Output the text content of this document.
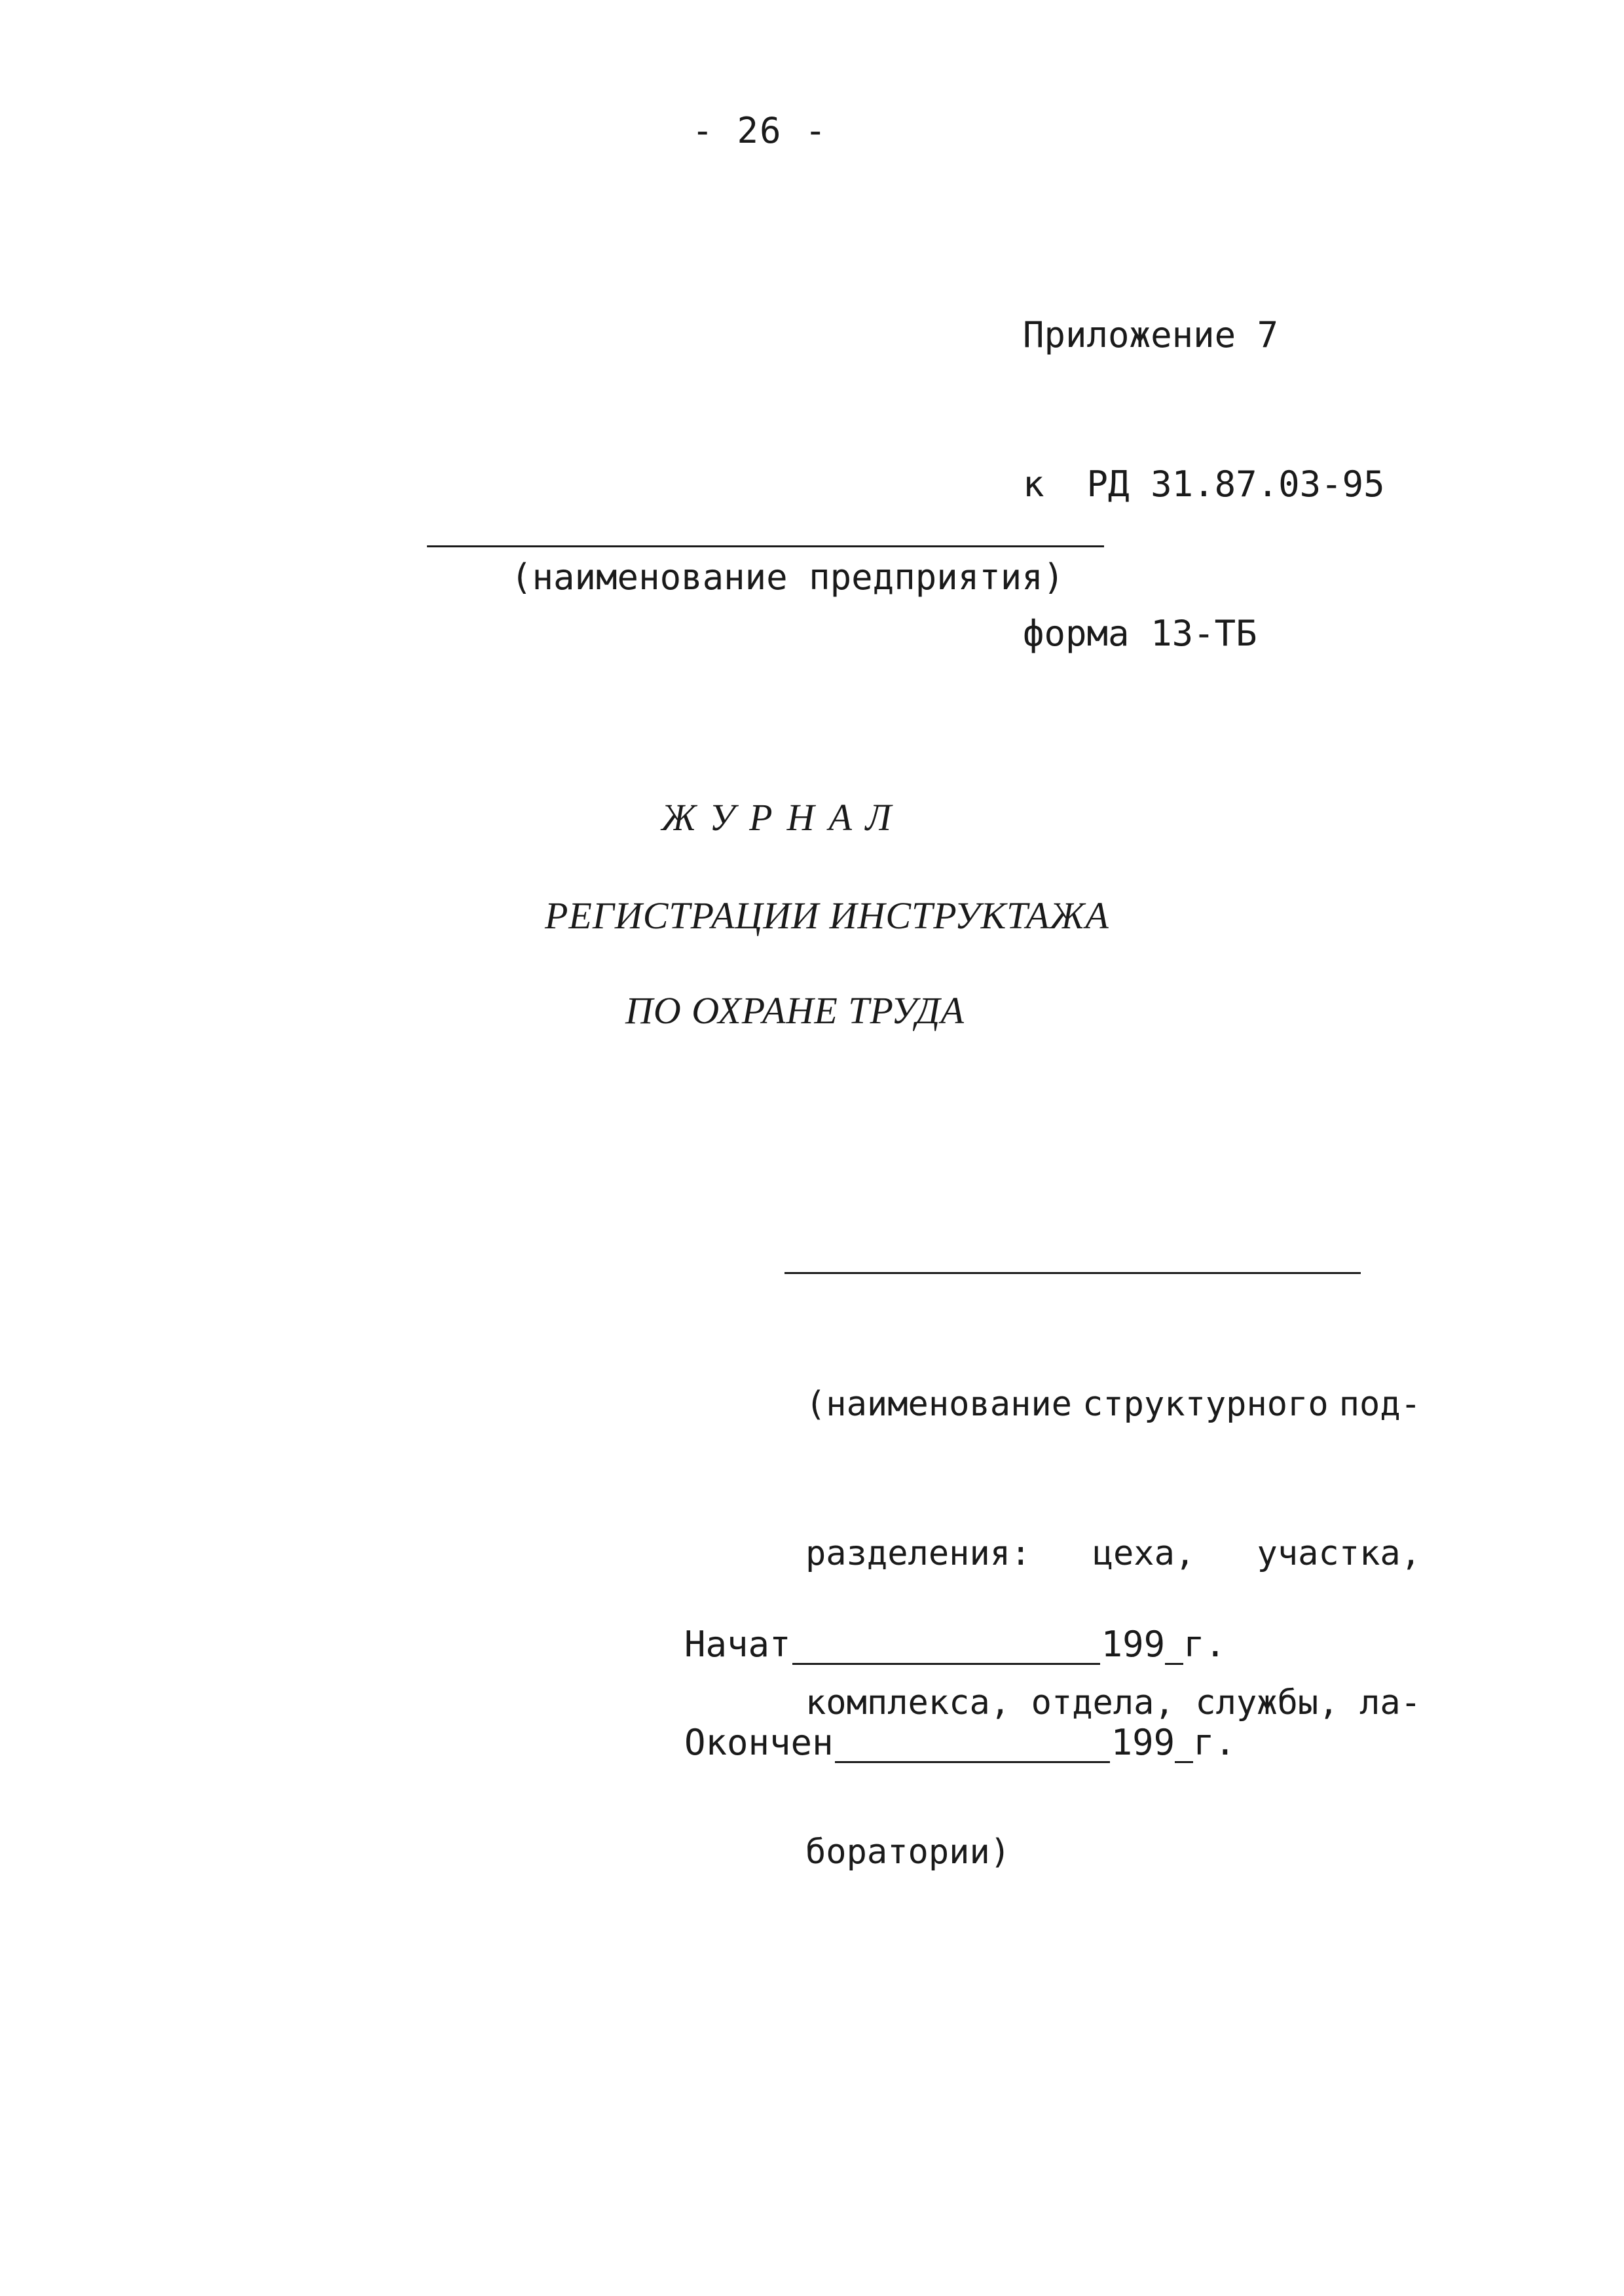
- 26 -

Приложение 7

к  РД 31.87.03-95

форма 13-ТБ

(наименование предприятия)
ЖУРНАЛ
РЕГИСТРАЦИИ ИНСТРУКТАЖА
ПО ОХРАНЕ ТРУДА

(наименование структурного под-

разделения: цеха, участка,

комплекса, отдела, службы, ла-

боратории)

Начат	199 г.
Окончен	199 г.
